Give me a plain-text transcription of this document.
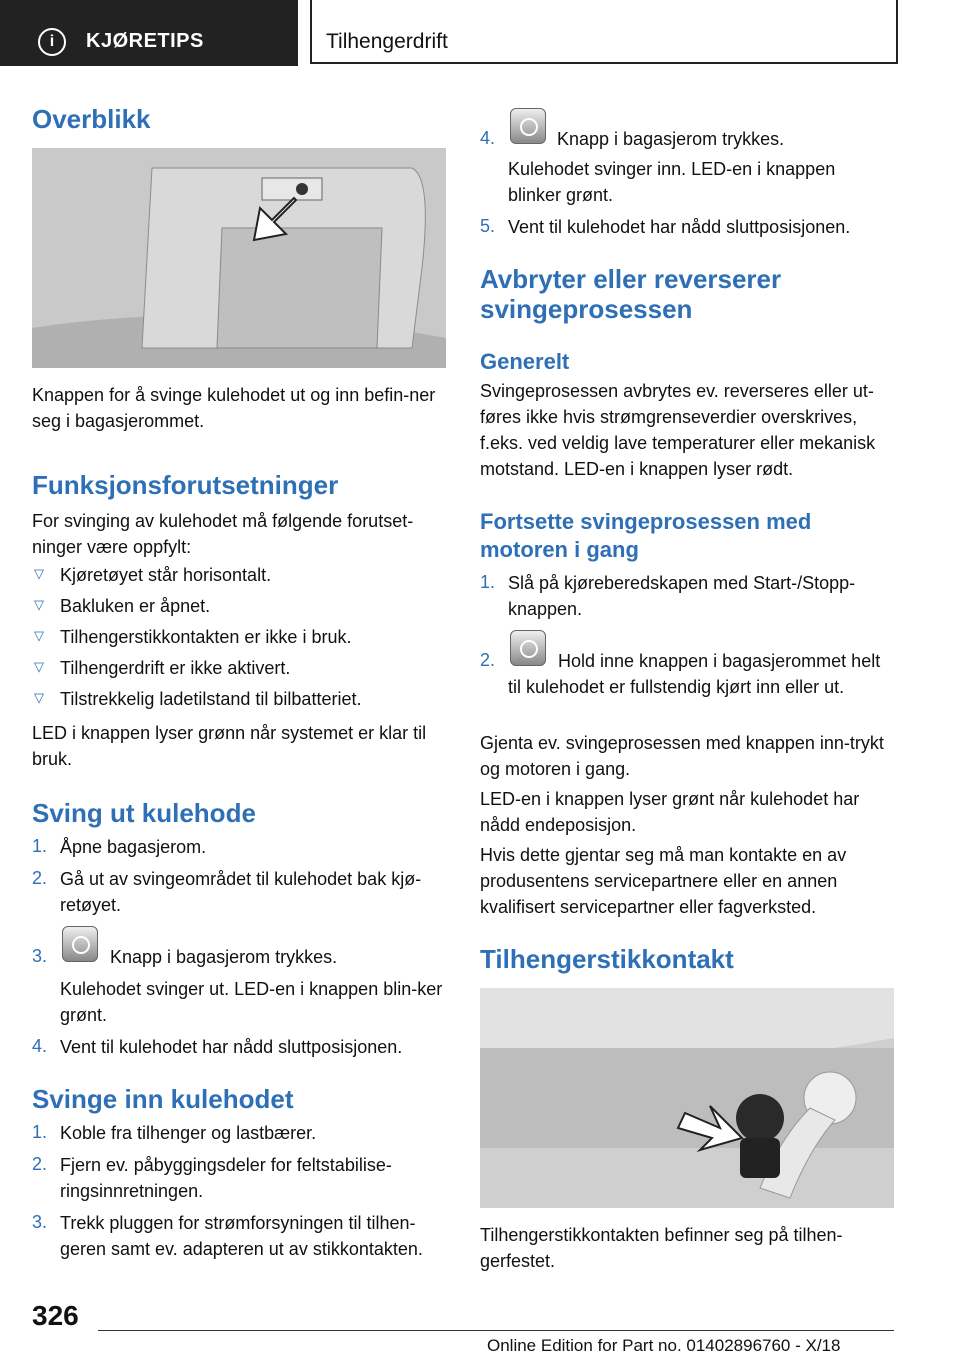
i	KJØRETIPS	Tilhengerdrift
Overblikk
Knappen for å svinge kulehodet ut og inn befin-ner seg i bagasjerommet.
Funksjonsforutsetninger
For svinging av kulehodet må følgende forutset-ninger være oppfylt:
▽ Kjøretøyet står horisontalt.
▽ Bakluken er åpnet.
▽ Tilhengerstikkontakten er ikke i bruk.
▽ Tilhengerdrift er ikke aktivert.
▽ Tilstrekkelig ladetilstand til bilbatteriet.
LED i knappen lyser grønn når systemet er klar til bruk.
Sving ut kulehode
1. Åpne bagasjerom.
2. Gå ut av svingeområdet til kulehodet bak kjø-retøyet.
3.	Knapp i bagasjerom trykkes.
Kulehodet svinger ut. LED-en i knappen blin-ker grønt.
4. Vent til kulehodet har nådd sluttposisjonen.
Svinge inn kulehodet
1. Koble fra tilhenger og lastbærer.
2. Fjern ev. påbyggingsdeler for feltstabilise-ringsinnretningen.
3. Trekk pluggen for strømforsyningen til tilhen-geren samt ev. adapteren ut av stikkontakten.
4.	Knapp i bagasjerom trykkes.
Kulehodet svinger inn. LED-en i knappen blinker grønt.
5. Vent til kulehodet har nådd sluttposisjonen.
Avbryter eller reverserer svingeprosessen
Generelt
Svingeprosessen avbrytes ev. reverseres eller ut-føres ikke hvis strømgrenseverdier overskrives, f.eks. ved veldig lave temperaturer eller mekanisk motstand. LED-en i knappen lyser rødt.
Fortsette svingeprosessen med motoren i gang
1. Slå på kjøreberedskapen med Start-/Stopp-knappen.
2.	Hold inne knappen i bagasjerommet helt til kulehodet er fullstendig kjørt inn eller ut.
Gjenta ev. svingeprosessen med knappen inn-trykt og motoren i gang.
LED-en i knappen lyser grønt når kulehodet har nådd endeposisjon.
Hvis dette gjentar seg må man kontakte en av produsentens servicepartnere eller en annen kvalifisert servicepartner eller fagverksted.
Tilhengerstikkontakt
Tilhengerstikkontakten befinner seg på tilhen-gerfestet.
326
Online Edition for Part no. 01402896760 - X/18
